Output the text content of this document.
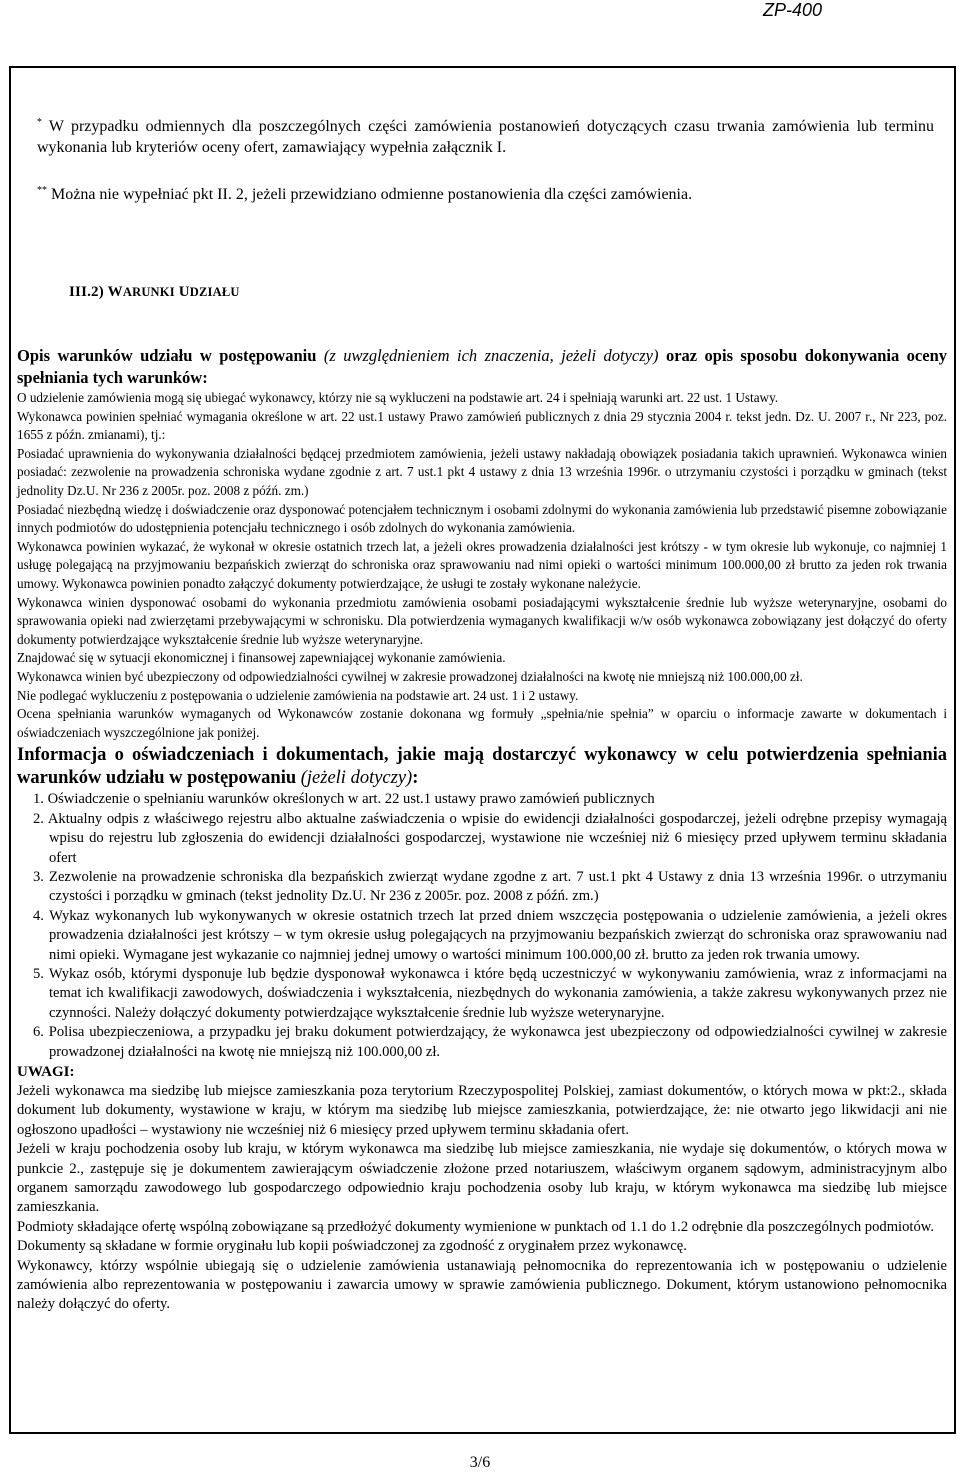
ZP-400
* W przypadku odmiennych dla poszczególnych części zamówienia postanowień dotyczących czasu trwania zamówienia lub terminu wykonania lub kryteriów oceny ofert, zamawiający wypełnia załącznik I.
** Można nie wypełniać pkt II. 2, jeżeli przewidziano odmienne postanowienia dla części zamówienia.
III.2) WARUNKI UDZIAŁU

Opis warunków udziału w postępowaniu (z uwzględnieniem ich znaczenia, jeżeli dotyczy) oraz opis sposobu dokonywania oceny spełniania tych warunków:

O udzielenie zamówienia mogą się ubiegać wykonawcy, którzy nie są wykluczeni na podstawie art. 24 i spełniają warunki art. 22 ust. 1 Ustawy.

Wykonawca powinien spełniać wymagania określone w art. 22 ust.1 ustawy Prawo zamówień publicznych z dnia 29 stycznia 2004 r. tekst jedn. Dz. U. 2007 r., Nr 223, poz. 1655 z późn. zmianami), tj.:

Posiadać uprawnienia do wykonywania działalności będącej przedmiotem zamówienia, jeżeli ustawy nakładają obowiązek posiadania takich uprawnień. Wykonawca winien posiadać: zezwolenie na prowadzenia schroniska wydane zgodnie z art. 7 ust.1 pkt 4 ustawy z dnia 13 września 1996r. o utrzymaniu czystości i porządku w gminach (tekst jednolity Dz.U. Nr 236 z 2005r. poz. 2008 z późń. zm.)

Posiadać niezbędną wiedzę i doświadczenie oraz dysponować potencjałem technicznym i osobami zdolnymi do wykonania zamówienia lub przedstawić pisemne zobowiązanie innych podmiotów do udostępnienia potencjału technicznego i osób zdolnych do wykonania zamówienia.

Wykonawca powinien wykazać, że wykonał w okresie ostatnich trzech lat, a jeżeli okres prowadzenia działalności jest krótszy - w tym okresie lub wykonuje, co najmniej 1 usługę polegającą na przyjmowaniu bezpańskich zwierząt do schroniska oraz sprawowaniu nad nimi opieki o wartości minimum 100.000,00 zł brutto za jeden rok trwania umowy. Wykonawca powinien ponadto załączyć dokumenty potwierdzające, że usługi te zostały wykonane należycie.

Wykonawca winien dysponować osobami do wykonania przedmiotu zamówienia osobami posiadającymi wykształcenie średnie lub wyższe weterynaryjne, osobami do sprawowania opieki nad zwierzętami przebywającymi w schronisku. Dla potwierdzenia wymaganych kwalifikacji w/w osób wykonawca zobowiązany jest dołączyć do oferty dokumenty potwierdzające wykształcenie średnie lub wyższe weterynaryjne.

Znajdować się w sytuacji ekonomicznej i finansowej zapewniającej wykonanie zamówienia.

Wykonawca winien być ubezpieczony od odpowiedzialności cywilnej w zakresie prowadzonej działalności na kwotę nie mniejszą niż 100.000,00 zł.

Nie podlegać wykluczeniu z postępowania o udzielenie zamówienia na podstawie art. 24 ust. 1 i 2 ustawy.

Ocena spełniania warunków wymaganych od Wykonawców zostanie dokonana wg formuły „spełnia/nie spełnia” w oparciu o informacje zawarte w dokumentach i oświadczeniach wyszczególnione jak poniżej.

Informacja o oświadczeniach i dokumentach, jakie mają dostarczyć wykonawcy w celu potwierdzenia spełniania warunków udziału w postępowaniu (jeżeli dotyczy):

1. Oświadczenie o spełnianiu warunków określonych w art. 22 ust.1 ustawy prawo zamówień publicznych
2. Aktualny odpis z właściwego rejestru albo aktualne zaświadczenia o wpisie do ewidencji działalności gospodarczej, jeżeli odrębne przepisy wymagają wpisu do rejestru lub zgłoszenia do ewidencji działalności gospodarczej, wystawione nie wcześniej niż 6 miesięcy przed upływem terminu składania ofert
3. Zezwolenie na prowadzenie schroniska dla bezpańskich zwierząt wydane zgodne z art. 7 ust.1 pkt 4 Ustawy z dnia 13 września 1996r. o utrzymaniu czystości i porządku w gminach (tekst jednolity Dz.U. Nr 236 z 2005r. poz. 2008 z późń. zm.)
4. Wykaz wykonanych lub wykonywanych w okresie ostatnich trzech lat przed dniem wszczęcia postępowania o udzielenie zamówienia, a jeżeli okres prowadzenia działalności jest krótszy – w tym okresie usług polegających na przyjmowaniu bezpańskich zwierząt do schroniska oraz sprawowaniu nad nimi opieki. Wymagane jest wykazanie co najmniej jednej umowy o wartości minimum 100.000,00 zł. brutto za jeden rok trwania umowy.
5. Wykaz osób, którymi dysponuje lub będzie dysponował wykonawca i które będą uczestniczyć w wykonywaniu zamówienia, wraz z informacjami na temat ich kwalifikacji zawodowych, doświadczenia i wykształcenia, niezbędnych do wykonania zamówienia, a także zakresu wykonywanych przez nie czynności. Należy dołączyć dokumenty potwierdzające wykształcenie średnie lub wyższe weterynaryjne.
6. Polisa ubezpieczeniowa, a przypadku jej braku dokument potwierdzający, że wykonawca jest ubezpieczony od odpowiedzialności cywilnej w zakresie prowadzonej działalności na kwotę nie mniejszą niż 100.000,00 zł.

UWAGI:

Jeżeli wykonawca ma siedzibę lub miejsce zamieszkania poza terytorium Rzeczypospolitej Polskiej, zamiast dokumentów, o których mowa w pkt:2., składa dokument lub dokumenty, wystawione w kraju, w którym ma siedzibę lub miejsce zamieszkania, potwierdzające, że: nie otwarto jego likwidacji ani nie ogłoszono upadłości – wystawiony nie wcześniej niż 6 miesięcy przed upływem terminu składania ofert.

Jeżeli w kraju pochodzenia osoby lub kraju, w którym wykonawca ma siedzibę lub miejsce zamieszkania, nie wydaje się dokumentów, o których mowa w punkcie 2., zastępuje się je dokumentem zawierającym oświadczenie złożone przed notariuszem, właściwym organem sądowym, administracyjnym albo organem samorządu zawodowego lub gospodarczego odpowiednio kraju pochodzenia osoby lub kraju, w którym wykonawca ma siedzibę lub miejsce zamieszkania.

Podmioty składające ofertę wspólną zobowiązane są przedłożyć dokumenty wymienione w punktach od 1.1 do 1.2 odrębnie dla poszczególnych podmiotów.

Dokumenty są składane w formie oryginału lub kopii poświadczonej za zgodność z oryginałem przez wykonawcę.

Wykonawcy, którzy wspólnie ubiegają się o udzielenie zamówienia ustanawiają pełnomocnika do reprezentowania ich w postępowaniu o udzielenie zamówienia albo reprezentowania w postępowaniu i zawarcia umowy w sprawie zamówienia publicznego. Dokument, którym ustanowiono pełnomocnika należy dołączyć do oferty.

3/6
